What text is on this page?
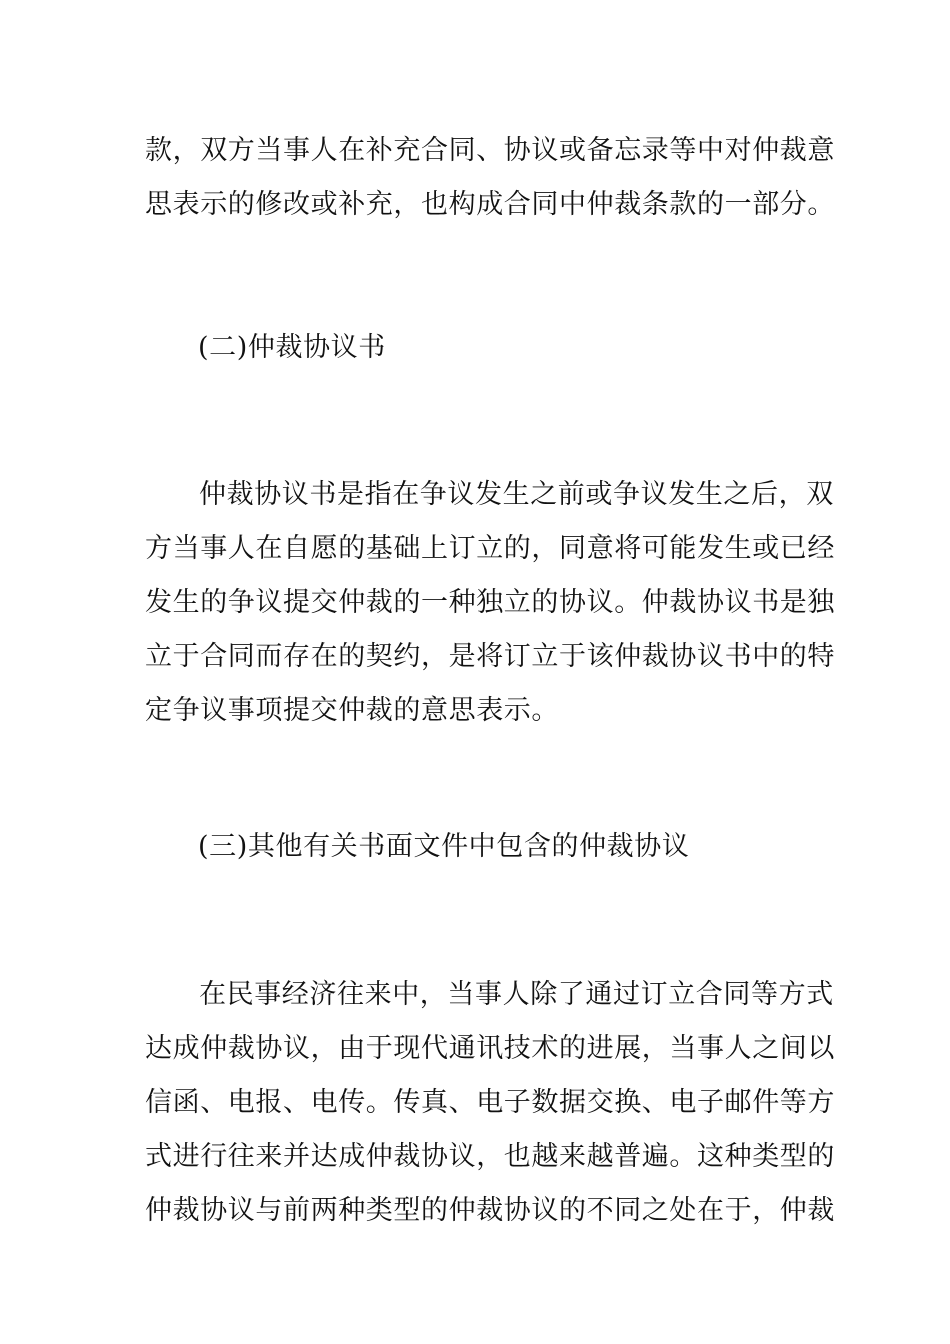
款，双方当事人在补充合同、协议或备忘录等中对仲裁意
思表示的修改或补充，也构成合同中仲裁条款的一部分。

(二)仲裁协议书

仲裁协议书是指在争议发生之前或争议发生之后，双
方当事人在自愿的基础上订立的，同意将可能发生或已经
发生的争议提交仲裁的一种独立的协议。仲裁协议书是独
立于合同而存在的契约，是将订立于该仲裁协议书中的特
定争议事项提交仲裁的意思表示。

(三)其他有关书面文件中包含的仲裁协议

在民事经济往来中，当事人除了通过订立合同等方式
达成仲裁协议，由于现代通讯技术的进展，当事人之间以
信函、电报、电传。传真、电子数据交换、电子邮件等方
式进行往来并达成仲裁协议，也越来越普遍。这种类型的
仲裁协议与前两种类型的仲裁协议的不同之处在于，仲裁
